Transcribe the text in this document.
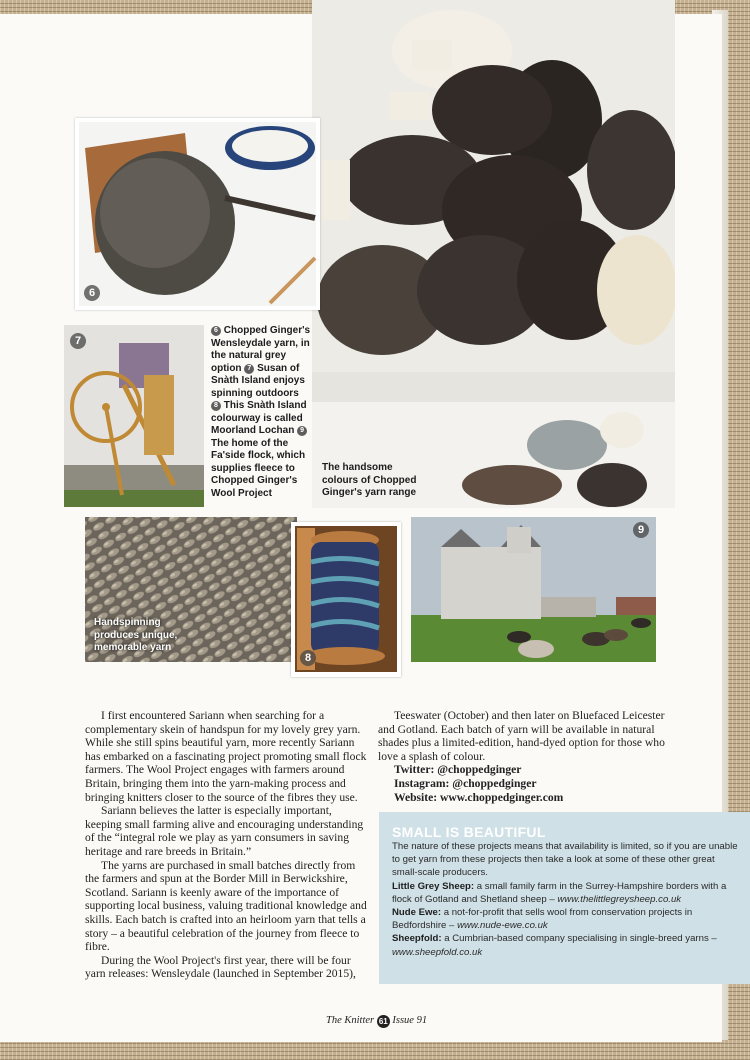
The handsome colours of Chopped Ginger's yarn range
6
7
6 Chopped Ginger's Wensleydale yarn, in the natural grey option 7 Susan of Snàth Island enjoys spinning outdoors 8 This Snàth Island colourway is called Moorland Lochan 9 The home of the Fa'side flock, which supplies fleece to Chopped Ginger's Wool Project
Handspinning produces unique, memorable yarn
8
9

I first encountered Sariann when searching for a complementary skein of handspun for my lovely grey yarn. While she still spins beautiful yarn, more recently Sariann has embarked on a fascinating project promoting small flock farmers. The Wool Project engages with farmers around Britain, bringing them into the yarn-making process and bringing knitters closer to the source of the fibres they use.

Sariann believes the latter is especially important, keeping small farming alive and encouraging understanding of the “integral role we play as yarn consumers in saving heritage and rare breeds in Britain.”

The yarns are purchased in small batches directly from the farmers and spun at the Border Mill in Berwickshire, Scotland. Sariann is keenly aware of the importance of supporting local business, valuing traditional knowledge and skills. Each batch is crafted into an heirloom yarn that tells a story – a beautiful celebration of the journey from fleece to fibre.

During the Wool Project's first year, there will be four yarn releases: Wensleydale (launched in September 2015),

Teeswater (October) and then later on Bluefaced Leicester and Gotland. Each batch of yarn will be available in natural shades plus a limited-edition, hand-dyed option for those who love a splash of colour.

Twitter: @choppedginger

Instagram: @choppedginger

Website: www.choppedginger.com

SMALL IS BEAUTIFUL
The nature of these projects means that availability is limited, so if you are unable to get yarn from these projects then take a look at some of these other great small-scale producers.
Little Grey Sheep: a small family farm in the Surrey-Hampshire borders with a flock of Gotland and Shetland sheep – www.thelittlegreysheep.co.uk
Nude Ewe: a not-for-profit that sells wool from conservation projects in Bedfordshire – www.nude-ewe.co.uk
Sheepfold: a Cumbrian-based company specialising in single-breed yarns – www.sheepfold.co.uk
The Knitter 61 Issue 91
